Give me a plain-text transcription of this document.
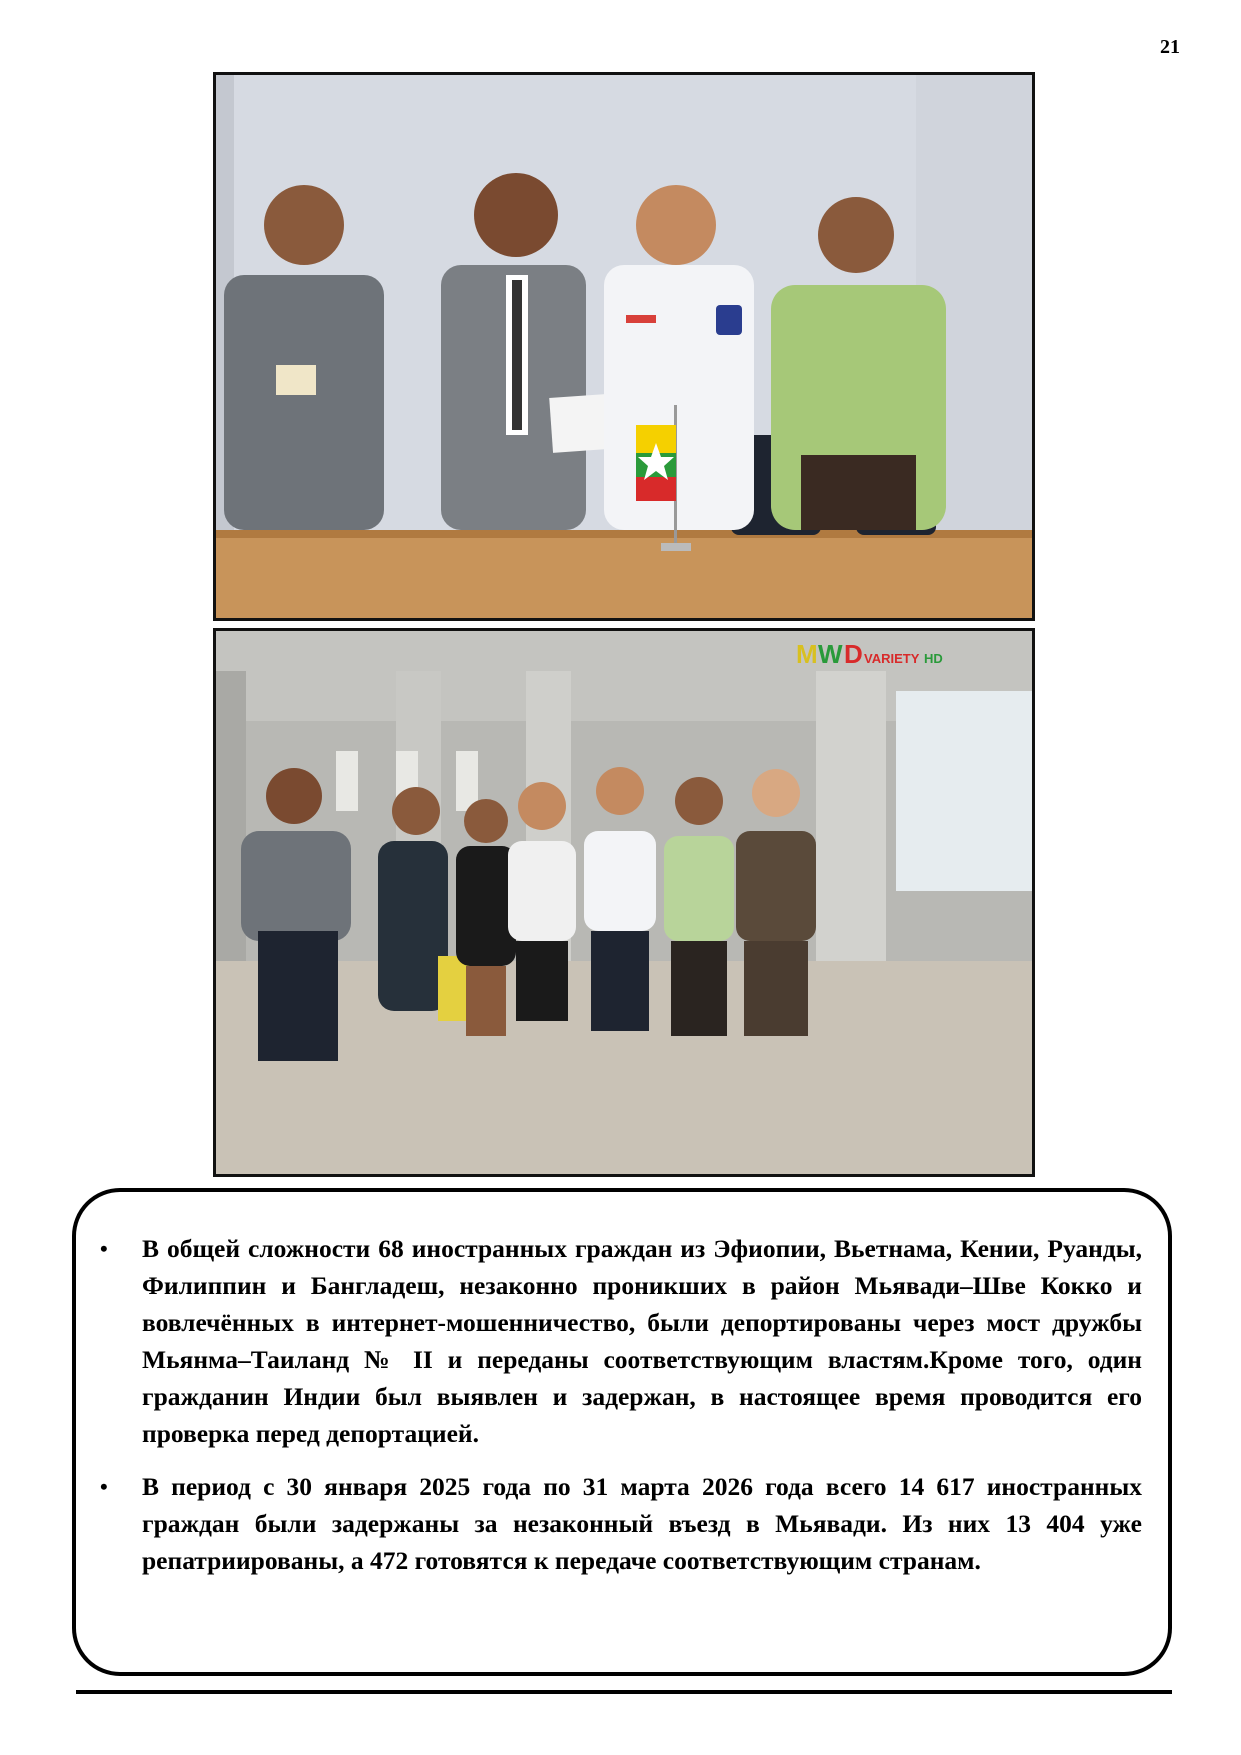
21
M W D VARIETY HD
• В общей сложности 68 иностранных граждан из Эфиопии, Вьетнама, Кении, Руанды, Филиппин и Бангладеш, незаконно проникших в район Мьявади–Шве Кокко и вовлечённых в интернет-мошенничество, были депортированы через мост дружбы Мьянма–Таиланд № II и переданы соответствующим властям.Кроме того, один гражданин Индии был выявлен и задержан, в настоящее время проводится его проверка перед депортацией.
• В период с 30 января 2025 года по 31 марта 2026 года всего 14 617 иностранных граждан были задержаны за незаконный въезд в Мьявади. Из них 13 404 уже репатриированы, а 472 готовятся к передаче соответствующим странам.
